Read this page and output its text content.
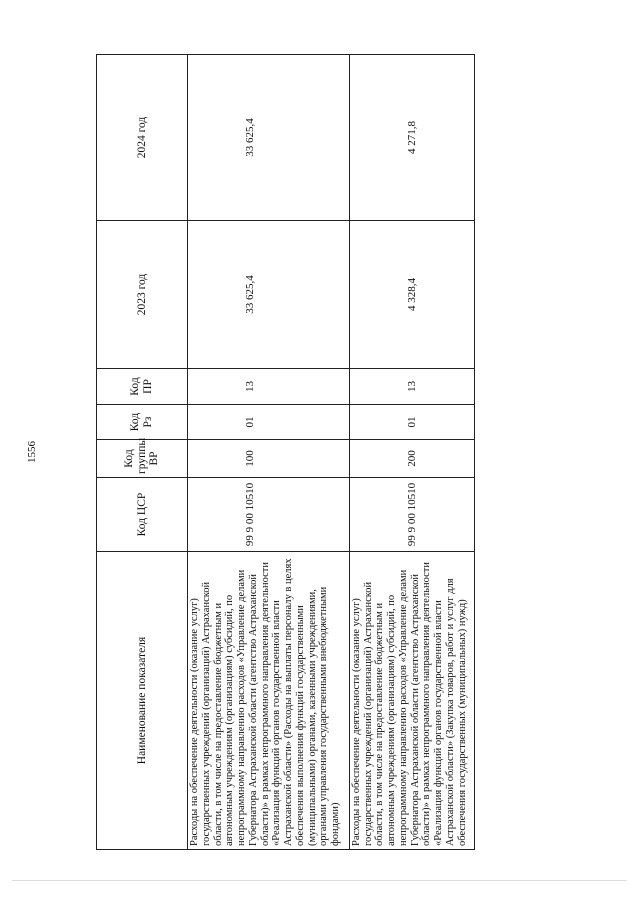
1556
Наименование показателя	Код ЦСР	Код группы ВР	Код Рз	Код ПР	2023 год	2024 год
Расходы на обеспечение деятельности (оказание услуг) государственных учреждений (организаций) Астраханской области, в том числе на предоставление бюджетным и автономным учреждениям (организациям) субсидий, по непрограммному направлению расходов «Управление делами Губернатора Астраханской области (агентство Астраханской области)» в рамках непрограммного направления деятельности «Реализация функций органов государственной власти Астраханской области» (Расходы на выплаты персоналу в целях обеспечения выполнения функций государственными (муниципальными) органами, казенными учреждениями, органами управления государственными внебюджетными фондами)	99 9 00 10510	100	01	13	33 625,4	33 625,4
Расходы на обеспечение деятельности (оказание услуг) государственных учреждений (организаций) Астраханской области, в том числе на предоставление бюджетным и автономным учреждениям (организациям) субсидий, по непрограммному направлению расходов «Управление делами Губернатора Астраханской области (агентство Астраханской области)» в рамках непрограммного направления деятельности «Реализация функций органов государственной власти Астраханской области» (Закупка товаров, работ и услуг для обеспечения государственных (муниципальных) нужд)	99 9 00 10510	200	01	13	4 328,4	4 271,8
